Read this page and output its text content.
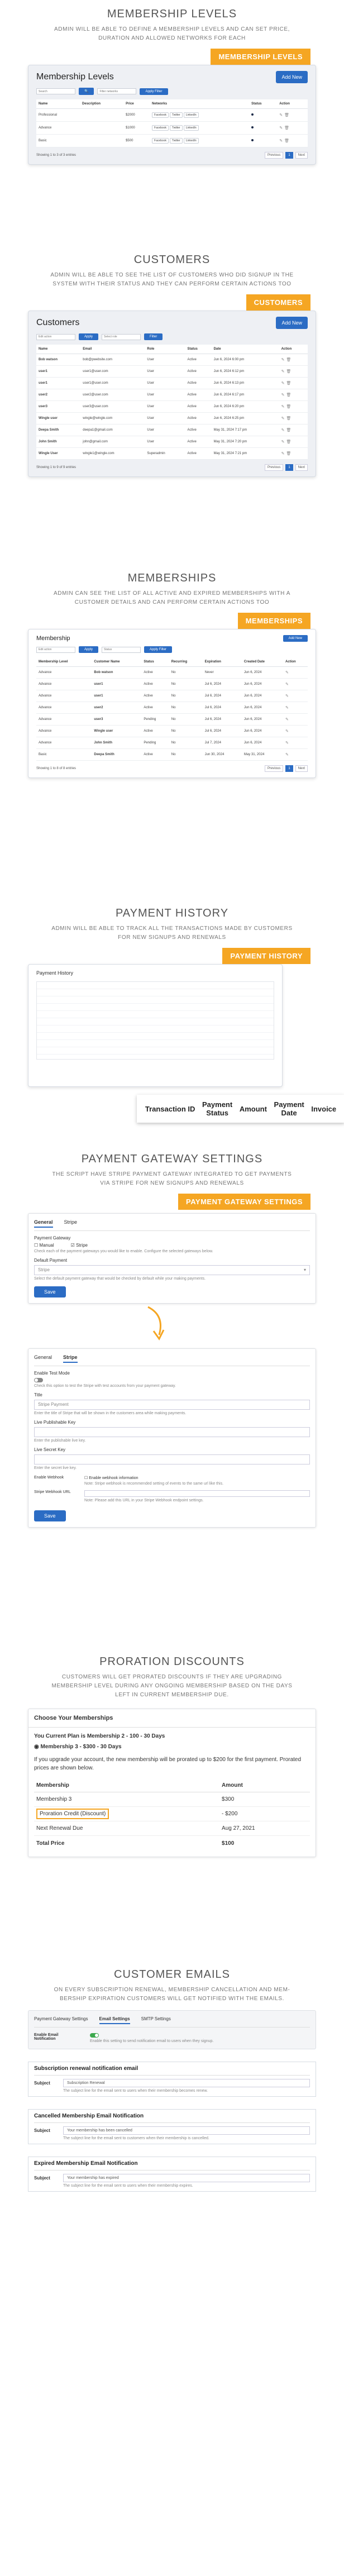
MEMBERSHIP LEVELS

ADMIN WILL BE ABLE TO DEFINE A MEMBERSHIP LEVELS AND CAN SET PRICE, DURATION AND ALLOWED NETWORKS FOR EACH

MEMBERSHIP LEVELS
Membership Levels	Add New
Search
🔍
Filter networks	Apply Filter
Name	Description	Price	Networks	Status	Action
Professional		$2000	Facebook Twitter LinkedIn		✎🗑
Advance		$1000	Facebook Twitter LinkedIn		✎🗑
Basic		$500	Facebook Twitter LinkedIn		✎🗑
Showing 1 to 3 of 3 entries	Previous	1	Next
CUSTOMERS

ADMIN WILL BE ABLE TO SEE THE LIST OF CUSTOMERS WHO DID SIGNUP IN THE SYSTEM WITH THEIR STATUS AND THEY CAN PERFORM CERTAIN ACTIONS TOO

CUSTOMERS
Customers	Add New
Edit action
Apply
Select role	Filter
Name	Email	Role	Status	Date	Action
Bob watson	bob@pwebsite.com	User	Active	Jun 6, 2024 6:00 pm	✎🗑
user1	user1@user.com	User	Active	Jun 6, 2024 6:12 pm	✎🗑
user1	user1@user.com	User	Active	Jun 6, 2024 6:13 pm	✎🗑
user2	user2@user.com	User	Active	Jun 6, 2024 6:17 pm	✎🗑
user3	user3@user.com	User	Active	Jun 6, 2024 6:20 pm	✎🗑
Wingle user	wingle@wingle.com	User	Active	Jun 6, 2024 6:25 pm	✎🗑
Deepa Smith	deepa1@gmail.com	User	Active	May 31, 2024 7:17 pm	✎🗑
John Smith	john@gmail.com	User	Active	May 31, 2024 7:20 pm	✎🗑
Wingle User	wingle1@wingle.com	Superadmin	Active	May 31, 2024 7:21 pm	✎🗑
Showing 1 to 9 of 9 entries	Previous	1	Next
MEMBERSHIPS

ADMIN CAN SEE THE LIST OF ALL ACTIVE AND EXPIRED MEMBERSHIPS WITH A CUSTOMER DETAILS AND CAN PERFORM CERTAIN ACTIONS TOO

MEMBERSHIPS
Membership	Add New
Edit action
Apply
Status	Apply Filter
Membership Level	Customer Name	Status	Recurring	Expiration	Created Date	Action
Advance	Bob watson	Active	No	Never	Jun 6, 2024	✎
Advance	user1	Active	No	Jul 6, 2024	Jun 6, 2024	✎
Advance	user1	Active	No	Jul 6, 2024	Jun 6, 2024	✎
Advance	user2	Active	No	Jul 6, 2024	Jun 6, 2024	✎
Advance	user3	Pending	No	Jul 6, 2024	Jun 6, 2024	✎
Advance	Wingle user	Active	No	Jul 6, 2024	Jun 6, 2024	✎
Advance	John Smith	Pending	No	Jul 7, 2024	Jun 6, 2024	✎
Basic	Deepa Smith	Active	No	Jun 30, 2024	May 31, 2024	✎
Showing 1 to 8 of 8 entries	Previous	1	Next
PAYMENT HISTORY

ADMIN WILL BE ABLE TO TRACK ALL THE TRANSACTIONS MADE BY CUSTOMERS FOR NEW SIGNUPS AND RENEWALS

PAYMENT HISTORY
Payment History
Transaction ID Payment Status	Amount Payment Date	Invoice
PAYMENT GATEWAY SETTINGS

THE SCRIPT HAVE STRIPE PAYMENT GATEWAY INTEGRATED TO GET PAYMENTS VIA STRIPE FOR NEW SIGNUPS AND RENEWALS

PAYMENT GATEWAY SETTINGS
General Stripe
Payment Gateway
☐ Manual	☑ Stripe
Check each of the payment gateways you would like to enable. Configure the selected gateways below.
Default Payment
Stripe	▾
Select the default payment gateway that would be checked by default while your making payments.
Save
General Stripe
Enable Test Mode
Check this option to test the Stripe with test accounts from your payment gateway.
Title
Stripe Payment
Enter the title of Stripe that will be shown in the customers area while making payments.
Live Publishable Key
Enter the publishable live key.
Live Secret Key
Enter the secret live key.
Enable Webhook	☐ Enable webhook information
Note: Stripe webhook is recommended setting of events to the same url like this.
Stripe Webhook URL
Note: Please add this URL in your Stripe Webhook endpoint settings.
Save
PRORATION DISCOUNTS

CUSTOMERS WILL GET PRORATED DISCOUNTS IF THEY ARE UPGRADING MEMBERSHIP LEVEL DURING ANY ONGOING MEMBERSHIP BASED ON THE DAYS LEFT IN CURRENT MEMBERSHIP DUE.

Choose Your Memberships
You Current Plan is Membership 2 - 100 - 30 Days
◉ Membership 3 - $300 - 30 Days
If you upgrade your account, the new membership will be prorated up to $200 for the first payment. Prorated prices are shown below.
Membership	Amount
Membership 3	$300
Proration Credit (Discount)	- $200
Next Renewal Due	Aug 27, 2021
Total Price	$100
CUSTOMER EMAILS

ON EVERY SUBSCRIPTION RENEWAL, MEMBERSHIP CANCELLATION AND MEM-BERSHIP EXPIRATION CUSTOMERS WILL GET NOTIFIED WITH THE EMAILS.

Payment Gateway Settings	Email Settings	SMTP Settings
Enable Email Notification
Enable this setting to send notification email to users when they signup.
Subscription renewal notification email
Subject	Subscription Renewal
The subject line for the email sent to users when their membership becomes renew.
Cancelled Membership Email Notification
Subject	Your membership has been cancelled
The subject line for the email sent to customers when their membership is cancelled.
Expired Membership Email Notification
Subject	Your membership has expired
The subject line for the email sent to users when their membership expires.
